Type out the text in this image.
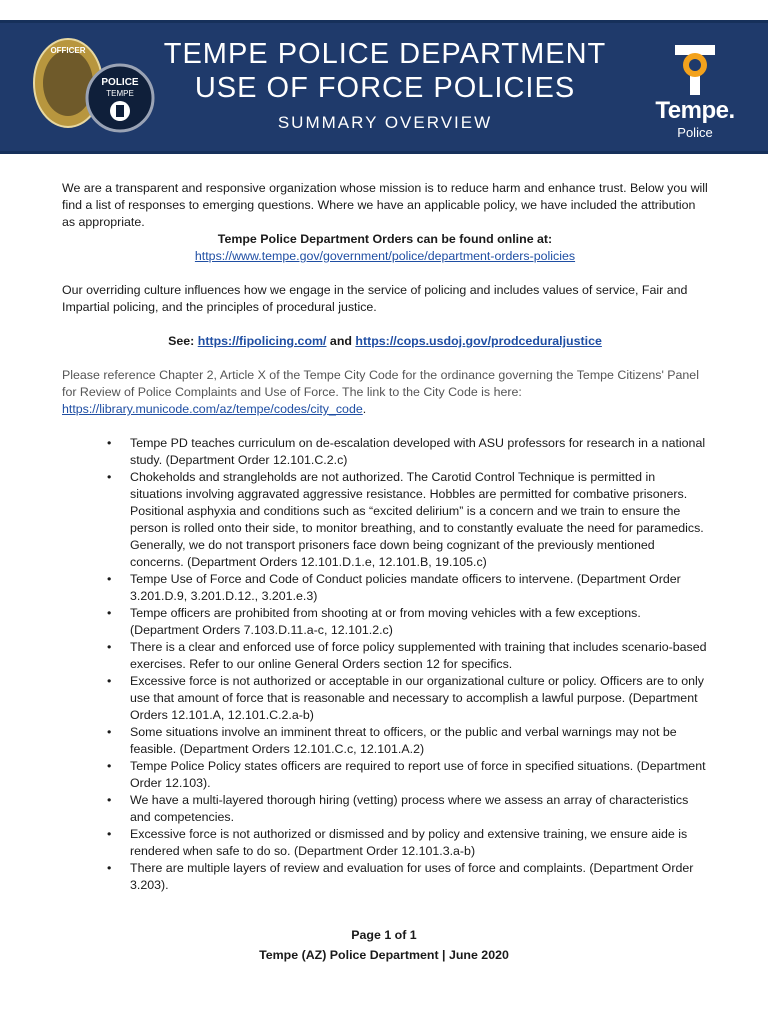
OFFICER
POLICE
TEMPE
TEMPE POLICE DEPARTMENT
USE OF FORCE POLICIES
SUMMARY OVERVIEW	Tempe.
Police

We are a transparent and responsive organization whose mission is to reduce harm and enhance trust. Below you will find a list of responses to emerging questions. Where we have an applicable policy, we have included the attribution as appropriate.

Tempe Police Department Orders can be found online at:

https://www.tempe.gov/government/police/department-orders-policies

Our overriding culture influences how we engage in the service of policing and includes values of service, Fair and Impartial policing, and the principles of procedural justice.

See: https://fipolicing.com/ and https://cops.usdoj.gov/prodceduraljustice

Please reference Chapter 2, Article X of the Tempe City Code for the ordinance governing the Tempe Citizens' Panel for Review of Police Complaints and Use of Force. The link to the City Code is here:

https://library.municode.com/az/tempe/codes/city_code.

• Tempe PD teaches curriculum on de-escalation developed with ASU professors for research in a national study. (Department Order 12.101.C.2.c)
• Chokeholds and strangleholds are not authorized. The Carotid Control Technique is permitted in situations involving aggravated aggressive resistance. Hobbles are permitted for combative prisoners. Positional asphyxia and conditions such as “excited delirium” is a concern and we train to ensure the person is rolled onto their side, to monitor breathing, and to constantly evaluate the need for paramedics. Generally, we do not transport prisoners face down being cognizant of the previously mentioned concerns. (Department Orders 12.101.D.1.e, 12.101.B, 19.105.c)
• Tempe Use of Force and Code of Conduct policies mandate officers to intervene. (Department Order 3.201.D.9, 3.201.D.12., 3.201.e.3)
• Tempe officers are prohibited from shooting at or from moving vehicles with a few exceptions. (Department Orders 7.103.D.11.a-c, 12.101.2.c)
• There is a clear and enforced use of force policy supplemented with training that includes scenario-based exercises. Refer to our online General Orders section 12 for specifics.
• Excessive force is not authorized or acceptable in our organizational culture or policy. Officers are to only use that amount of force that is reasonable and necessary to accomplish a lawful purpose. (Department Orders 12.101.A, 12.101.C.2.a-b)
• Some situations involve an imminent threat to officers, or the public and verbal warnings may not be feasible. (Department Orders 12.101.C.c, 12.101.A.2)
• Tempe Police Policy states officers are required to report use of force in specified situations. (Department Order 12.103).
• We have a multi-layered thorough hiring (vetting) process where we assess an array of characteristics and competencies.
• Excessive force is not authorized or dismissed and by policy and extensive training, we ensure aide is rendered when safe to do so. (Department Order 12.101.3.a-b)
• There are multiple layers of review and evaluation for uses of force and complaints. (Department Order 3.203).
Page 1 of 1
Tempe (AZ) Police Department | June 2020
